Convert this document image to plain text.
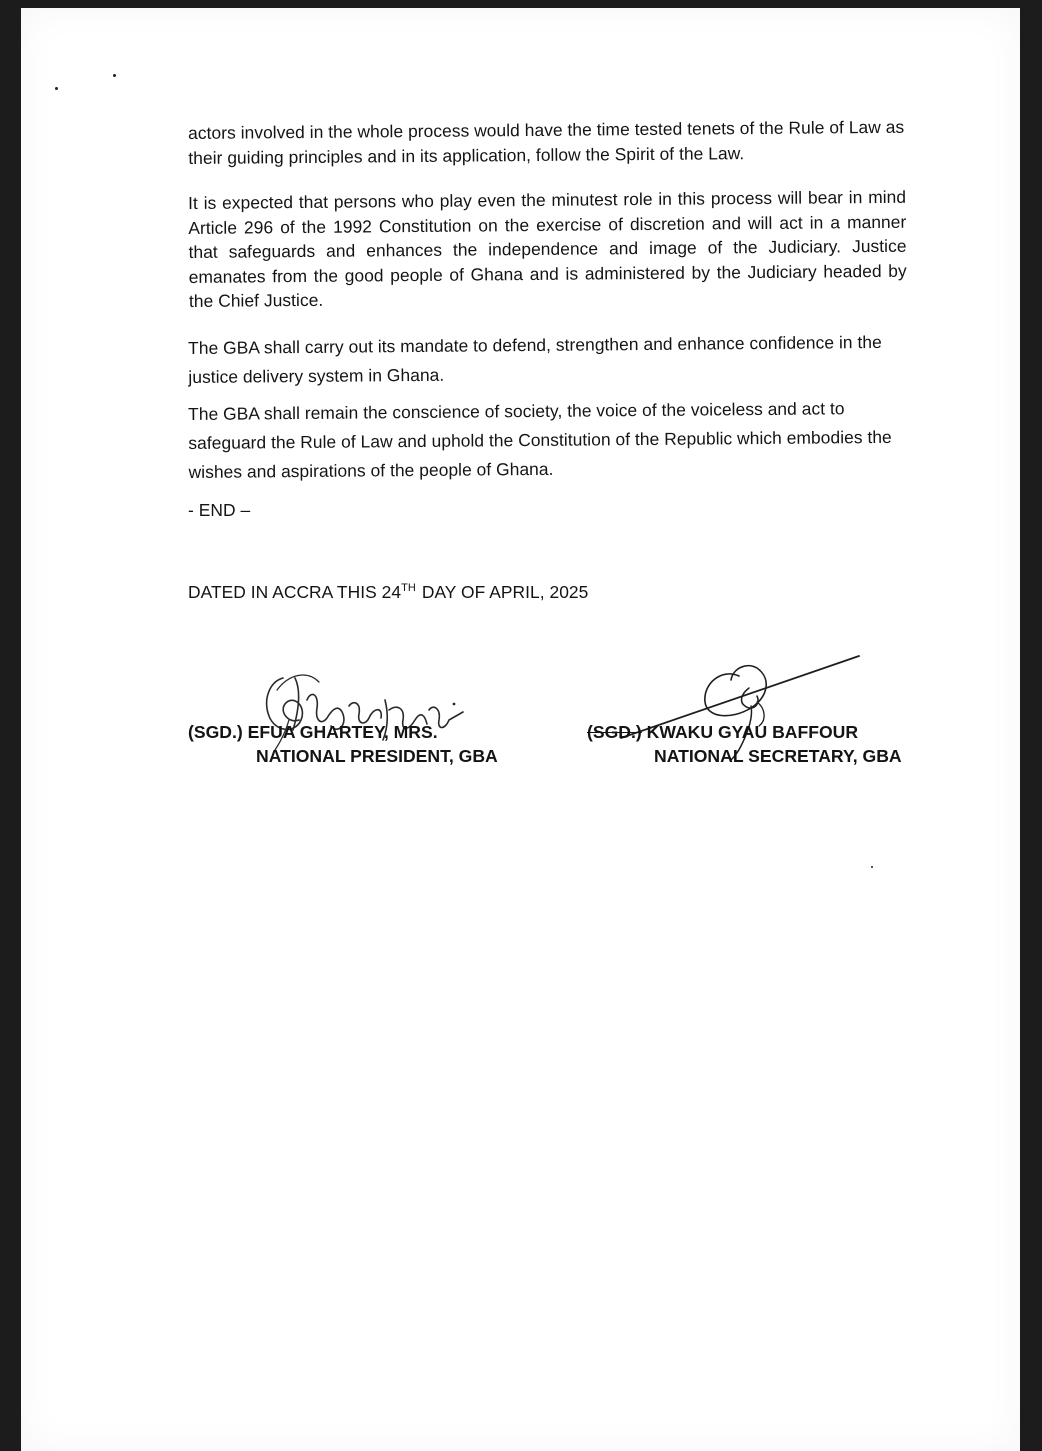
actors involved in the whole process would have the time tested tenets of the Rule of Law as their guiding principles and in its application, follow the Spirit of the Law.

It is expected that persons who play even the minutest role in this process will bear in mind Article 296 of the 1992 Constitution on the exercise of discretion and will act in a manner that safeguards and enhances the independence and image of the Judiciary. Justice emanates from the good people of Ghana and is administered by the Judiciary headed by the Chief Justice.

The GBA shall carry out its mandate to defend, strengthen and enhance confidence in the justice delivery system in Ghana.

The GBA shall remain the conscience of society, the voice of the voiceless and act to safeguard the Rule of Law and uphold the Constitution of the Republic which embodies the wishes and aspirations of the people of Ghana.

- END –
DATED IN ACCRA THIS 24TH DAY OF APRIL, 2025
(SGD.) EFUA GHARTEY, MRS.
NATIONAL PRESIDENT, GBA
(SGD.) KWAKU GYAU BAFFOUR
NATIONAL SECRETARY, GBA
